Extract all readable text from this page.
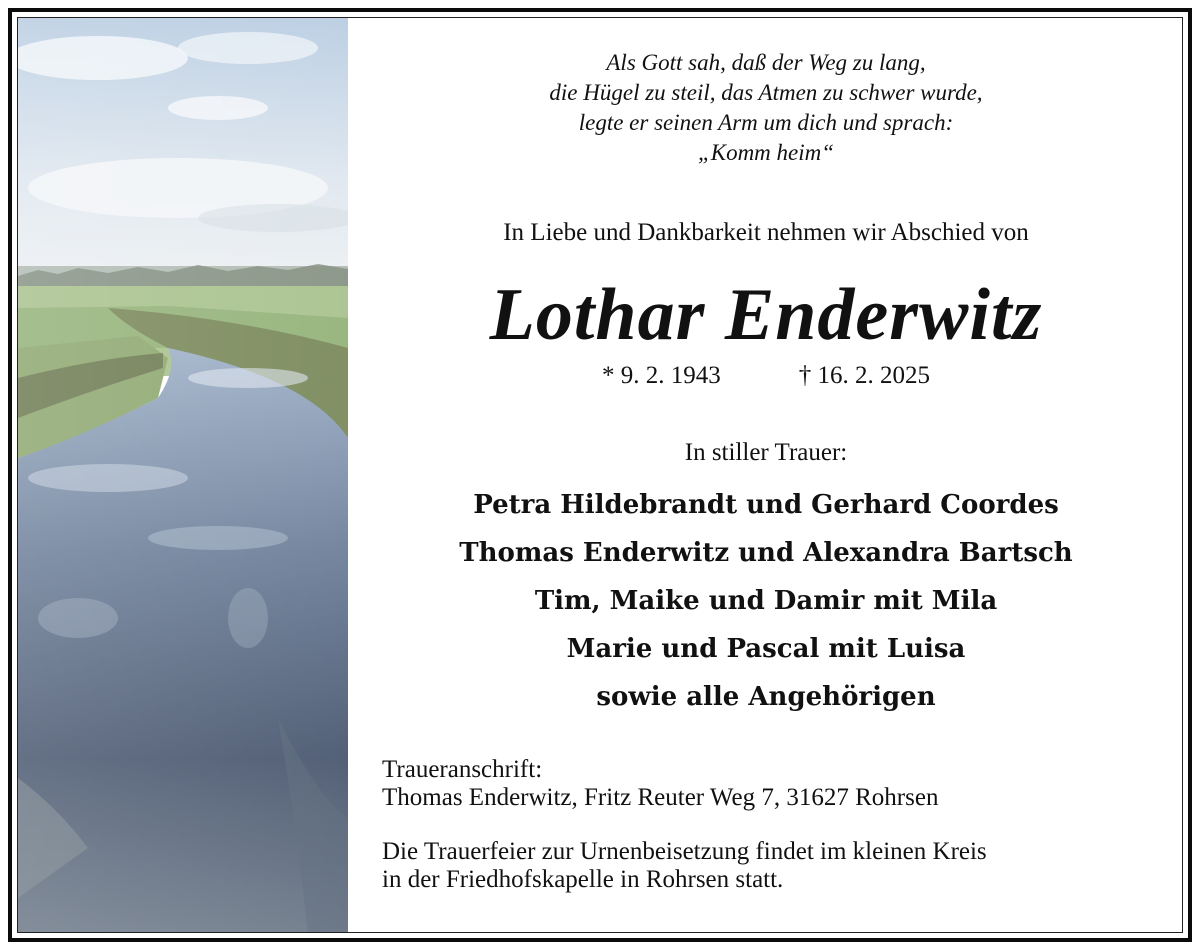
Als Gott sah, daß der Weg zu lang,
die Hügel zu steil, das Atmen zu schwer wurde,
legte er seinen Arm um dich und sprach:
„Komm heim“
In Liebe und Dankbarkeit nehmen wir Abschied von
Lothar Enderwitz
* 9. 2. 1943	† 16. 2. 2025
In stiller Trauer:
Petra Hildebrandt und Gerhard Coordes
Thomas Enderwitz und Alexandra Bartsch
Tim, Maike und Damir mit Mila
Marie und Pascal mit Luisa
sowie alle Angehörigen
Traueranschrift:
Thomas Enderwitz, Fritz Reuter Weg 7, 31627 Rohrsen
Die Trauerfeier zur Urnenbeisetzung findet im kleinen Kreis
in der Friedhofskapelle in Rohrsen statt.
